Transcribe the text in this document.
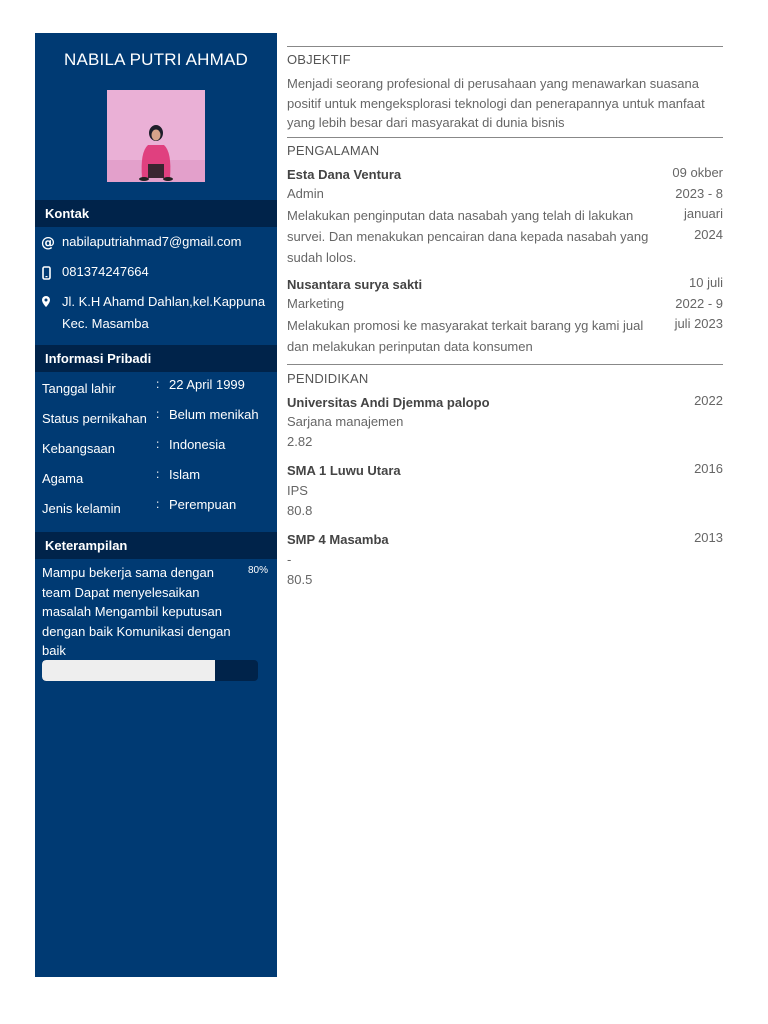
NABILA PUTRI AHMAD
Kontak
@ nabilaputriahmad7@gmail.com
081374247664
Jl. K.H Ahamd Dahlan,kel.Kappuna
Kec. Masamba
Informasi Pribadi
Tanggal lahir	: 22 April 1999
Status pernikahan : Belum menikah
Kebangsaan	: Indonesia
Agama	: Islam
Jenis kelamin	: Perempuan
Keterampilan
Mampu bekerja sama dengan team Dapat menyelesaikan masalah Mengambil keputusan dengan baik Komunikasi dengan baik
80%
OBJEKTIF
Menjadi seorang profesional di perusahaan yang menawarkan suasana positif untuk mengeksplorasi teknologi dan penerapannya untuk manfaat yang lebih besar dari masyarakat di dunia bisnis
PENGALAMAN
Esta Dana Ventura
Admin
Melakukan penginputan data nasabah yang telah di lakukan survei. Dan menakukan pencairan dana kepada nasabah yang sudah lolos.
09 okber
2023 - 8
januari
2024
Nusantara surya sakti
Marketing
Melakukan promosi ke masyarakat terkait barang yg kami jual dan melakukan perinputan data konsumen
10 juli
2022 - 9
juli 2023
PENDIDIKAN
Universitas Andi Djemma palopo
Sarjana manajemen
2.82
2022
SMA 1 Luwu Utara
IPS
80.8
2016
SMP 4 Masamba
-
80.5
2013
